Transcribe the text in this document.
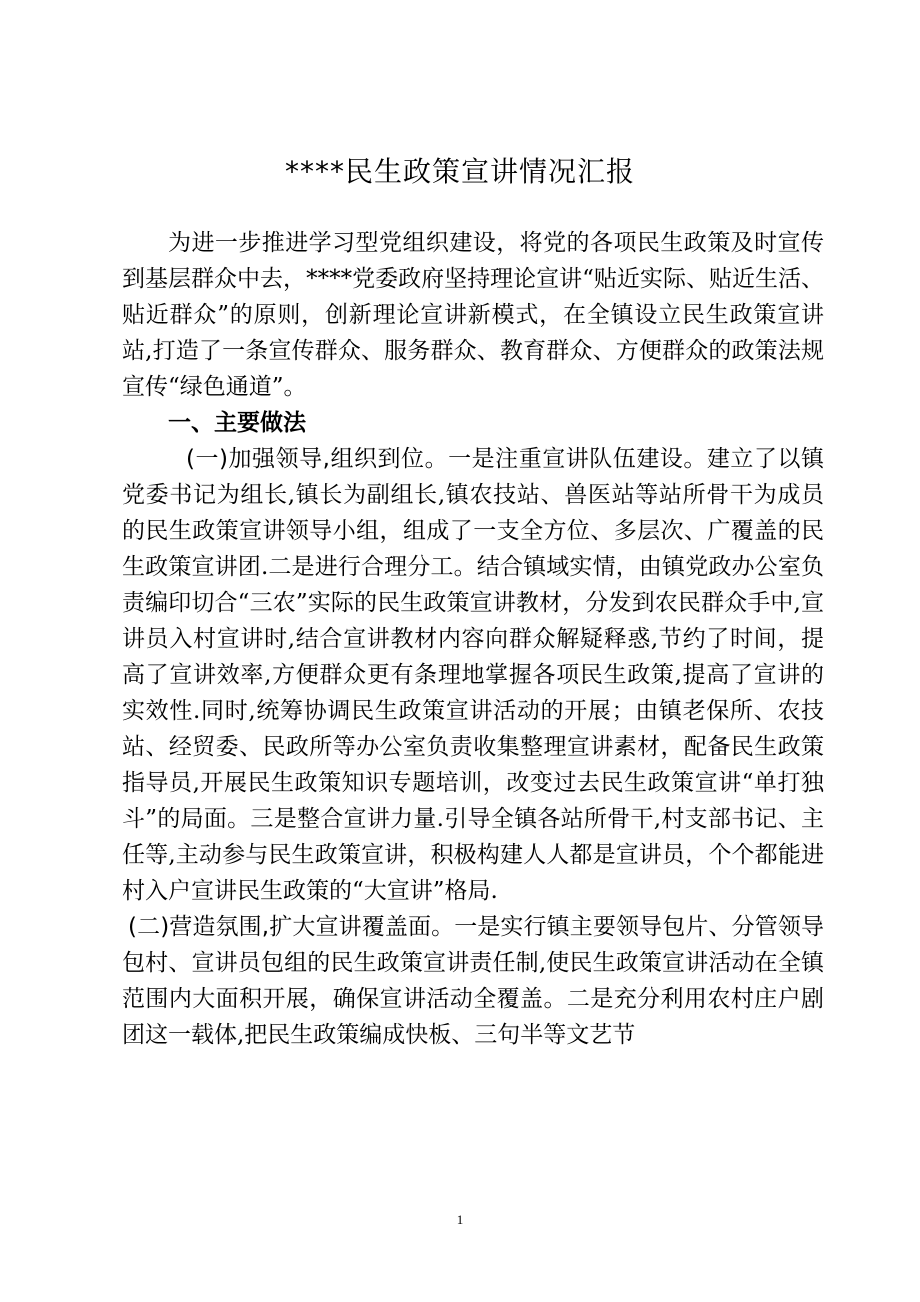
****民生政策宣讲情况汇报

为进一步推进学习型党组织建设，将党的各项民生政策及时宣传到基层群众中去，****党委政府坚持理论宣讲“贴近实际、贴近生活、贴近群众”的原则，创新理论宣讲新模式，在全镇设立民生政策宣讲站,打造了一条宣传群众、服务群众、教育群众、方便群众的政策法规宣传“绿色通道”。

一、主要做法

(一)加强领导,组织到位。一是注重宣讲队伍建设。建立了以镇党委书记为组长,镇长为副组长,镇农技站、兽医站等站所骨干为成员的民生政策宣讲领导小组，组成了一支全方位、多层次、广覆盖的民生政策宣讲团.二是进行合理分工。结合镇域实情，由镇党政办公室负责编印切合“三农”实际的民生政策宣讲教材，分发到农民群众手中,宣讲员入村宣讲时,结合宣讲教材内容向群众解疑释惑,节约了时间，提高了宣讲效率,方便群众更有条理地掌握各项民生政策,提高了宣讲的实效性.同时,统筹协调民生政策宣讲活动的开展；由镇老保所、农技站、经贸委、民政所等办公室负责收集整理宣讲素材，配备民生政策指导员,开展民生政策知识专题培训，改变过去民生政策宣讲“单打独斗”的局面。三是整合宣讲力量.引导全镇各站所骨干,村支部书记、主任等,主动参与民生政策宣讲，积极构建人人都是宣讲员，个个都能进村入户宣讲民生政策的“大宣讲”格局.

(二)营造氛围,扩大宣讲覆盖面。一是实行镇主要领导包片、分管领导包村、宣讲员包组的民生政策宣讲责任制,使民生政策宣讲活动在全镇范围内大面积开展，确保宣讲活动全覆盖。二是充分利用农村庄户剧团这一载体,把民生政策编成快板、三句半等文艺节

1
